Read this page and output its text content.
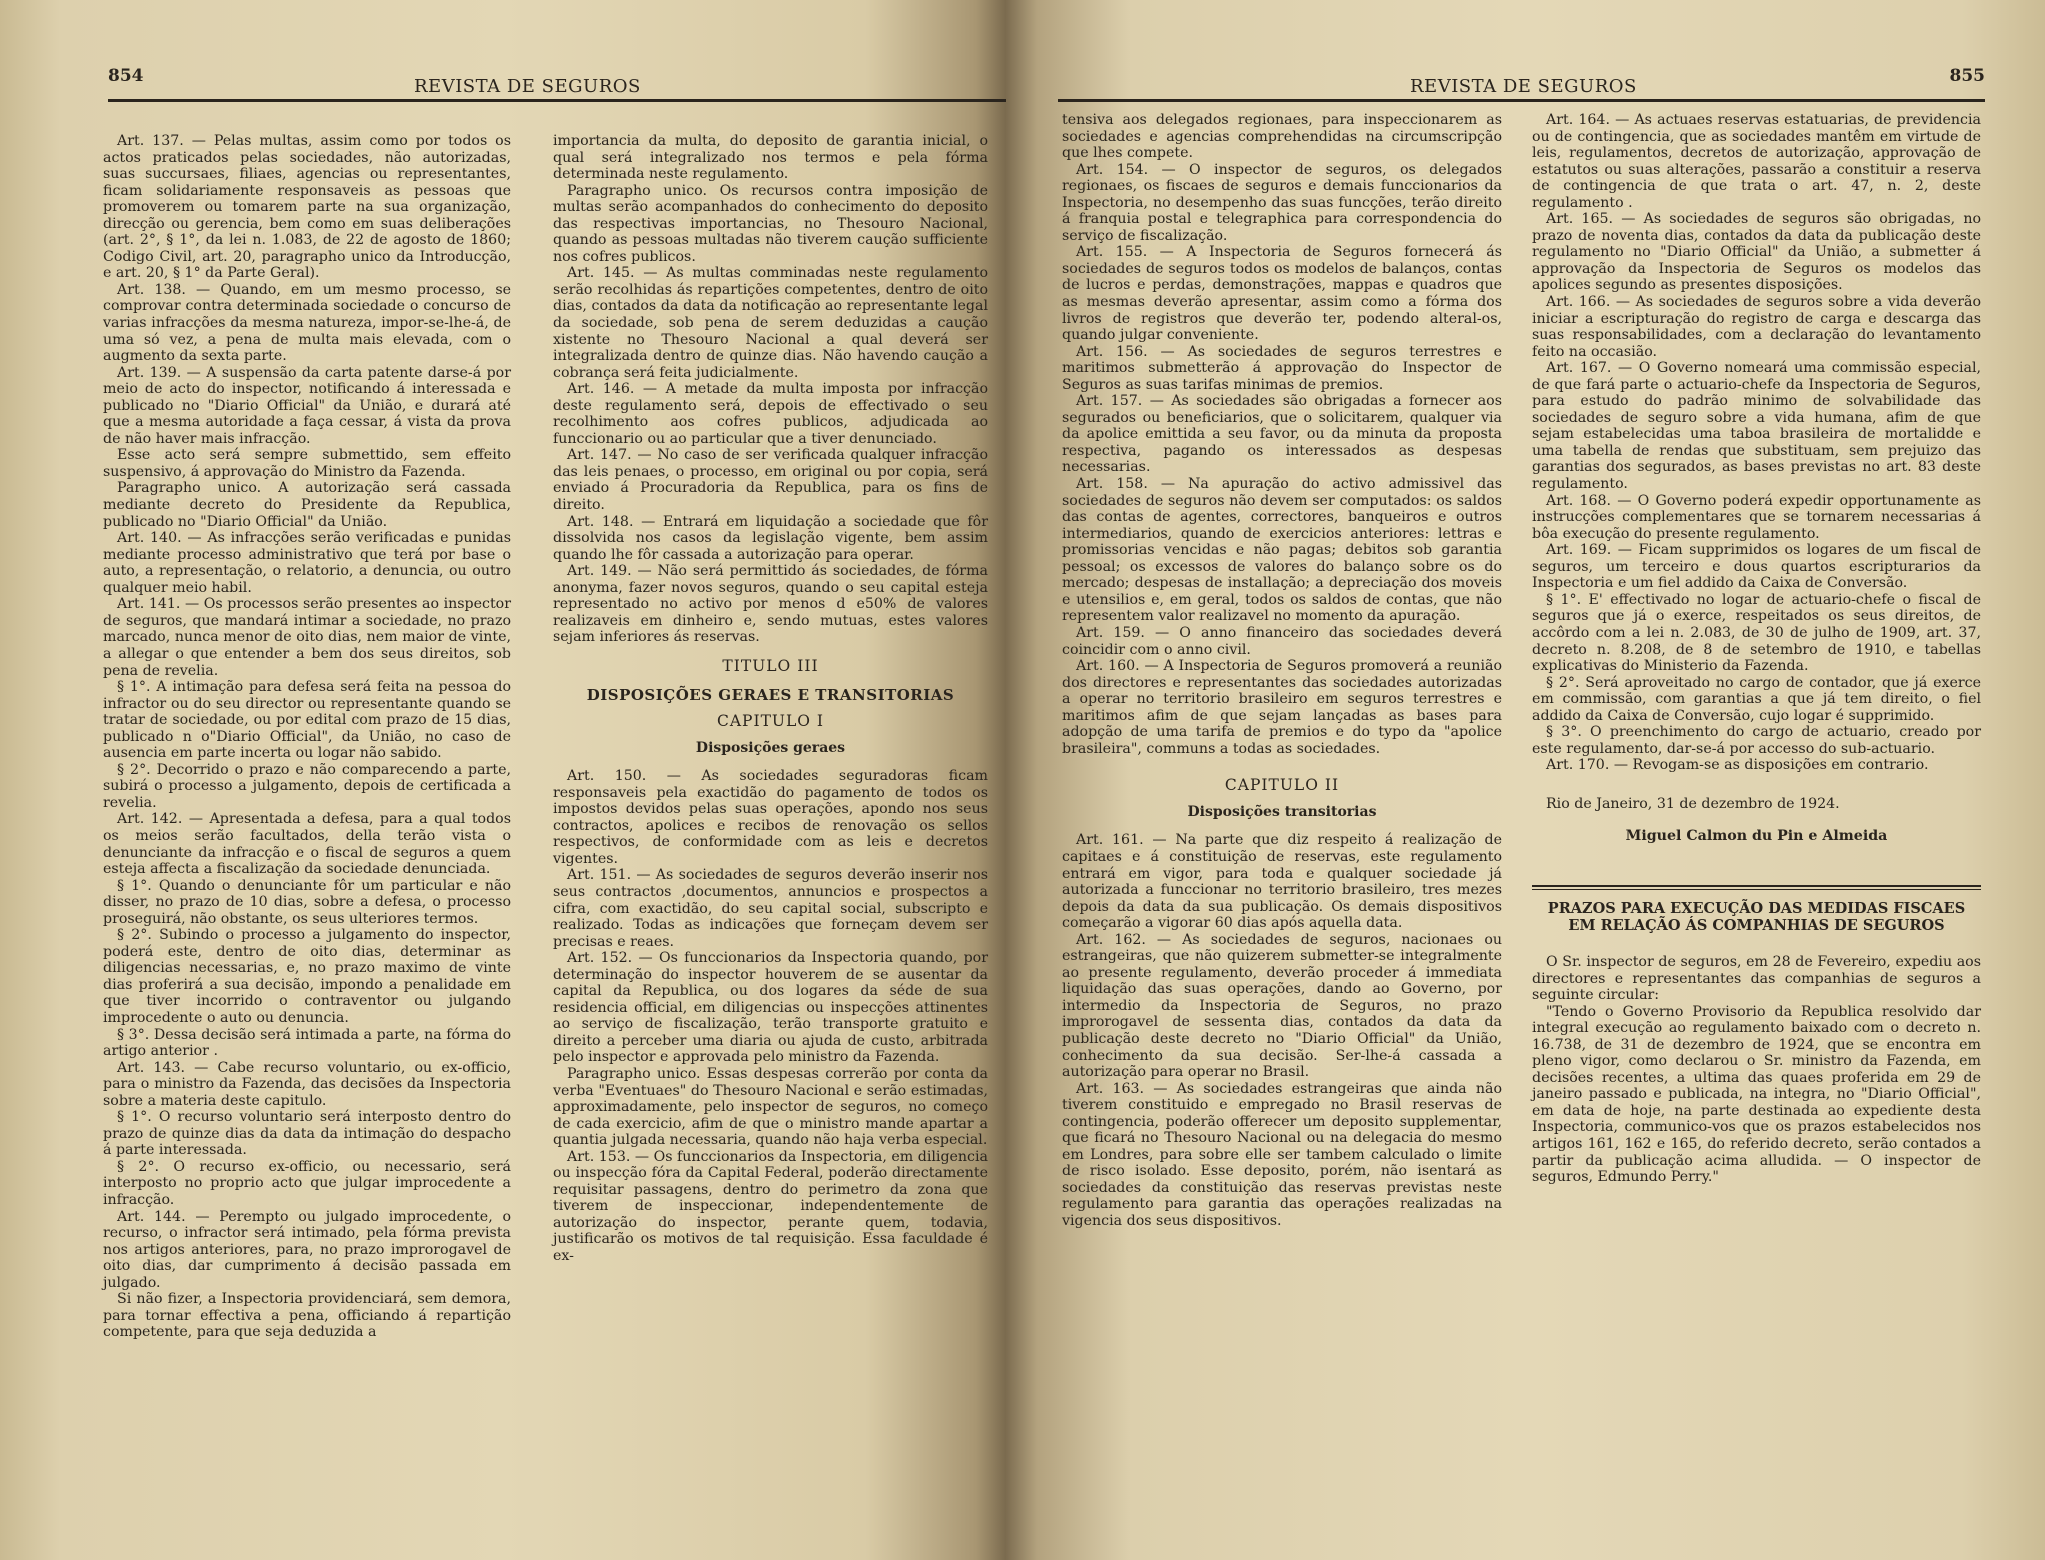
854	REVISTA DE SEGUROS

Art. 137. — Pelas multas, assim como por todos os actos praticados pelas sociedades, não autorizadas, suas succursaes, filiaes, agencias ou representantes, ficam solidariamente responsaveis as pessoas que promoverem ou tomarem parte na sua organização, direcção ou gerencia, bem como em suas deliberações (art. 2°, § 1°, da lei n. 1.083, de 22 de agosto de 1860; Codigo Civil, art. 20, paragrapho unico da Introducção, e art. 20, § 1° da Parte Geral).

Art. 138. — Quando, em um mesmo processo, se comprovar contra determinada sociedade o concurso de varias infracções da mesma natureza, impor-se-lhe-á, de uma só vez, a pena de multa mais elevada, com o augmento da sexta parte.

Art. 139. — A suspensão da carta patente darse-á por meio de acto do inspector, notificando á interessada e publicado no "Diario Official" da União, e durará até que a mesma autoridade a faça cessar, á vista da prova de não haver mais infracção.

Esse acto será sempre submettido, sem effeito suspensivo, á approvação do Ministro da Fazenda.

Paragrapho unico. A autorização será cassada mediante decreto do Presidente da Republica, publicado no "Diario Official" da União.

Art. 140. — As infracções serão verificadas e punidas mediante processo administrativo que terá por base o auto, a representação, o relatorio, a denuncia, ou outro qualquer meio habil.

Art. 141. — Os processos serão presentes ao inspector de seguros, que mandará intimar a sociedade, no prazo marcado, nunca menor de oito dias, nem maior de vinte, a allegar o que entender a bem dos seus direitos, sob pena de revelia.

§ 1°. A intimação para defesa será feita na pessoa do infractor ou do seu director ou representante quando se tratar de sociedade, ou por edital com prazo de 15 dias, publicado n o"Diario Official", da União, no caso de ausencia em parte incerta ou logar não sabido.

§ 2°. Decorrido o prazo e não comparecendo a parte, subirá o processo a julgamento, depois de certificada a revelia.

Art. 142. — Apresentada a defesa, para a qual todos os meios serão facultados, della terão vista o denunciante da infracção e o fiscal de seguros a quem esteja affecta a fiscalização da sociedade denunciada.

§ 1°. Quando o denunciante fôr um particular e não disser, no prazo de 10 dias, sobre a defesa, o processo proseguirá, não obstante, os seus ulteriores termos.

§ 2°. Subindo o processo a julgamento do inspector, poderá este, dentro de oito dias, determinar as diligencias necessarias, e, no prazo maximo de vinte dias proferirá a sua decisão, impondo a penalidade em que tiver incorrido o contraventor ou julgando improcedente o auto ou denuncia.

§ 3°. Dessa decisão será intimada a parte, na fórma do artigo anterior .

Art. 143. — Cabe recurso voluntario, ou ex-officio, para o ministro da Fazenda, das decisões da Inspectoria sobre a materia deste capitulo.

§ 1°. O recurso voluntario será interposto dentro do prazo de quinze dias da data da intimação do despacho á parte interessada.

§ 2°. O recurso ex-officio, ou necessario, será interposto no proprio acto que julgar improcedente a infracção.

Art. 144. — Perempto ou julgado improcedente, o recurso, o infractor será intimado, pela fórma prevista nos artigos anteriores, para, no prazo improrogavel de oito dias, dar cumprimento á decisão passada em julgado.

Si não fizer, a Inspectoria providenciará, sem demora, para tornar effectiva a pena, officiando á repartição competente, para que seja deduzida a

importancia da multa, do deposito de garantia inicial, o qual será integralizado nos termos e pela fórma determinada neste regulamento.

Paragrapho unico. Os recursos contra imposição de multas serão acompanhados do conhecimento do deposito das respectivas importancias, no Thesouro Nacional, quando as pessoas multadas não tiverem caução sufficiente nos cofres publicos.

Art. 145. — As multas comminadas neste regulamento serão recolhidas ás repartições competentes, dentro de oito dias, contados da data da notificação ao representante legal da sociedade, sob pena de serem deduzidas a caução xistente no Thesouro Nacional a qual deverá ser integralizada dentro de quinze dias. Não havendo caução a cobrança será feita judicialmente.

Art. 146. — A metade da multa imposta por infracção deste regulamento será, depois de effectivado o seu recolhimento aos cofres publicos, adjudicada ao funccionario ou ao particular que a tiver denunciado.

Art. 147. — No caso de ser verificada qualquer infracção das leis penaes, o processo, em original ou por copia, será enviado á Procuradoria da Republica, para os fins de direito.

Art. 148. — Entrará em liquidação a sociedade que fôr dissolvida nos casos da legislação vigente, bem assim quando lhe fôr cassada a autorização para operar.

Art. 149. — Não será permittido ás sociedades, de fórma anonyma, fazer novos seguros, quando o seu capital esteja representado no activo por menos d e50% de valores realizaveis em dinheiro e, sendo mutuas, estes valores sejam inferiores ás reservas.

TITULO III

DISPOSIÇÕES GERAES E TRANSITORIAS

CAPITULO I

Disposições geraes

Art. 150. — As sociedades seguradoras ficam responsaveis pela exactidão do pagamento de todos os impostos devidos pelas suas operações, apondo nos seus contractos, apolices e recibos de renovação os sellos respectivos, de conformidade com as leis e decretos vigentes.

Art. 151. — As sociedades de seguros deverão inserir nos seus contractos ,documentos, annuncios e prospectos a cifra, com exactidão, do seu capital social, subscripto e realizado. Todas as indicações que forneçam devem ser precisas e reaes.

Art. 152. — Os funccionarios da Inspectoria quando, por determinação do inspector houverem de se ausentar da capital da Republica, ou dos logares da séde de sua residencia official, em diligencias ou inspecções attinentes ao serviço de fiscalização, terão transporte gratuito e direito a perceber uma diaria ou ajuda de custo, arbitrada pelo inspector e approvada pelo ministro da Fazenda.

Paragrapho unico. Essas despesas correrão por conta da verba "Eventuaes" do Thesouro Nacional e serão estimadas, approximadamente, pelo inspector de seguros, no começo de cada exercicio, afim de que o ministro mande apartar a quantia julgada necessaria, quando não haja verba especial.

Art. 153. — Os funccionarios da Inspectoria, em diligencia ou inspecção fóra da Capital Federal, poderão directamente requisitar passagens, dentro do perimetro da zona que tiverem de inspeccionar, independentemente de autorização do inspector, perante quem, todavia, justificarão os motivos de tal requisição. Essa faculdade é ex-

REVISTA DE SEGUROS	855

tensiva aos delegados regionaes, para inspeccionarem as sociedades e agencias comprehendidas na circumscripção que lhes compete.

Art. 154. — O inspector de seguros, os delegados regionaes, os fiscaes de seguros e demais funccionarios da Inspectoria, no desempenho das suas funcções, terão direito á franquia postal e telegraphica para correspondencia do serviço de fiscalização.

Art. 155. — A Inspectoria de Seguros fornecerá ás sociedades de seguros todos os modelos de balanços, contas de lucros e perdas, demonstrações, mappas e quadros que as mesmas deverão apresentar, assim como a fórma dos livros de registros que deverão ter, podendo alteral-os, quando julgar conveniente.

Art. 156. — As sociedades de seguros terrestres e maritimos submetterão á approvação do Inspector de Seguros as suas tarifas minimas de premios.

Art. 157. — As sociedades são obrigadas a fornecer aos segurados ou beneficiarios, que o solicitarem, qualquer via da apolice emittida a seu favor, ou da minuta da proposta respectiva, pagando os interessados as despesas necessarias.

Art. 158. — Na apuração do activo admissivel das sociedades de seguros não devem ser computados: os saldos das contas de agentes, correctores, banqueiros e outros intermediarios, quando de exercicios anteriores: lettras e promissorias vencidas e não pagas; debitos sob garantia pessoal; os excessos de valores do balanço sobre os do mercado; despesas de installação; a depreciação dos moveis e utensilios e, em geral, todos os saldos de contas, que não representem valor realizavel no momento da apuração.

Art. 159. — O anno financeiro das sociedades deverá coincidir com o anno civil.

Art. 160. — A Inspectoria de Seguros promoverá a reunião dos directores e representantes das sociedades autorizadas a operar no territorio brasileiro em seguros terrestres e maritimos afim de que sejam lançadas as bases para adopção de uma tarifa de premios e do typo da "apolice brasileira", communs a todas as sociedades.

CAPITULO II

Disposições transitorias

Art. 161. — Na parte que diz respeito á realização de capitaes e á constituição de reservas, este regulamento entrará em vigor, para toda e qualquer sociedade já autorizada a funccionar no territorio brasileiro, tres mezes depois da data da sua publicação. Os demais dispositivos começarão a vigorar 60 dias após aquella data.

Art. 162. — As sociedades de seguros, nacionaes ou estrangeiras, que não quizerem submetter-se integralmente ao presente regulamento, deverão proceder á immediata liquidação das suas operações, dando ao Governo, por intermedio da Inspectoria de Seguros, no prazo improrogavel de sessenta dias, contados da data da publicação deste decreto no "Diario Official" da União, conhecimento da sua decisão. Ser-lhe-á cassada a autorização para operar no Brasil.

Art. 163. — As sociedades estrangeiras que ainda não tiverem constituido e empregado no Brasil reservas de contingencia, poderão offerecer um deposito supplementar, que ficará no Thesouro Nacional ou na delegacia do mesmo em Londres, para sobre elle ser tambem calculado o limite de risco isolado. Esse deposito, porém, não isentará as sociedades da constituição das reservas previstas neste regulamento para garantia das operações realizadas na vigencia dos seus dispositivos.

Art. 164. — As actuaes reservas estatuarias, de previdencia ou de contingencia, que as sociedades mantêm em virtude de leis, regulamentos, decretos de autorização, approvação de estatutos ou suas alterações, passarão a constituir a reserva de contingencia de que trata o art. 47, n. 2, deste regulamento .

Art. 165. — As sociedades de seguros são obrigadas, no prazo de noventa dias, contados da data da publicação deste regulamento no "Diario Official" da União, a submetter á approvação da Inspectoria de Seguros os modelos das apolices segundo as presentes disposições.

Art. 166. — As sociedades de seguros sobre a vida deverão iniciar a escripturação do registro de carga e descarga das suas responsabilidades, com a declaração do levantamento feito na occasião.

Art. 167. — O Governo nomeará uma commissão especial, de que fará parte o actuario-chefe da Inspectoria de Seguros, para estudo do padrão minimo de solvabilidade das sociedades de seguro sobre a vida humana, afim de que sejam estabelecidas uma taboa brasileira de mortalidde e uma tabella de rendas que substituam, sem prejuizo das garantias dos segurados, as bases previstas no art. 83 deste regulamento.

Art. 168. — O Governo poderá expedir opportunamente as instrucções complementares que se tornarem necessarias á bôa execução do presente regulamento.

Art. 169. — Ficam supprimidos os logares de um fiscal de seguros, um terceiro e dous quartos escripturarios da Inspectoria e um fiel addido da Caixa de Conversão.

§ 1°. E' effectivado no logar de actuario-chefe o fiscal de seguros que já o exerce, respeitados os seus direitos, de accôrdo com a lei n. 2.083, de 30 de julho de 1909, art. 37, decreto n. 8.208, de 8 de setembro de 1910, e tabellas explicativas do Ministerio da Fazenda.

§ 2°. Será aproveitado no cargo de contador, que já exerce em commissão, com garantias a que já tem direito, o fiel addido da Caixa de Conversão, cujo logar é supprimido.

§ 3°. O preenchimento do cargo de actuario, creado por este regulamento, dar-se-á por accesso do sub-actuario.

Art. 170. — Revogam-se as disposições em contrario.

Rio de Janeiro, 31 de dezembro de 1924.

Miguel Calmon du Pin e Almeida

PRAZOS PARA EXECUÇÃO DAS MEDIDAS FISCAES EM RELAÇÃO ÁS COMPANHIAS DE SEGUROS

O Sr. inspector de seguros, em 28 de Fevereiro, expediu aos directores e representantes das companhias de seguros a seguinte circular:

"Tendo o Governo Provisorio da Republica resolvido dar integral execução ao regulamento baixado com o decreto n. 16.738, de 31 de dezembro de 1924, que se encontra em pleno vigor, como declarou o Sr. ministro da Fazenda, em decisões recentes, a ultima das quaes proferida em 29 de janeiro passado e publicada, na integra, no "Diario Official", em data de hoje, na parte destinada ao expediente desta Inspectoria, communico-vos que os prazos estabelecidos nos artigos 161, 162 e 165, do referido decreto, serão contados a partir da publicação acima alludida. — O inspector de seguros, Edmundo Perry."
